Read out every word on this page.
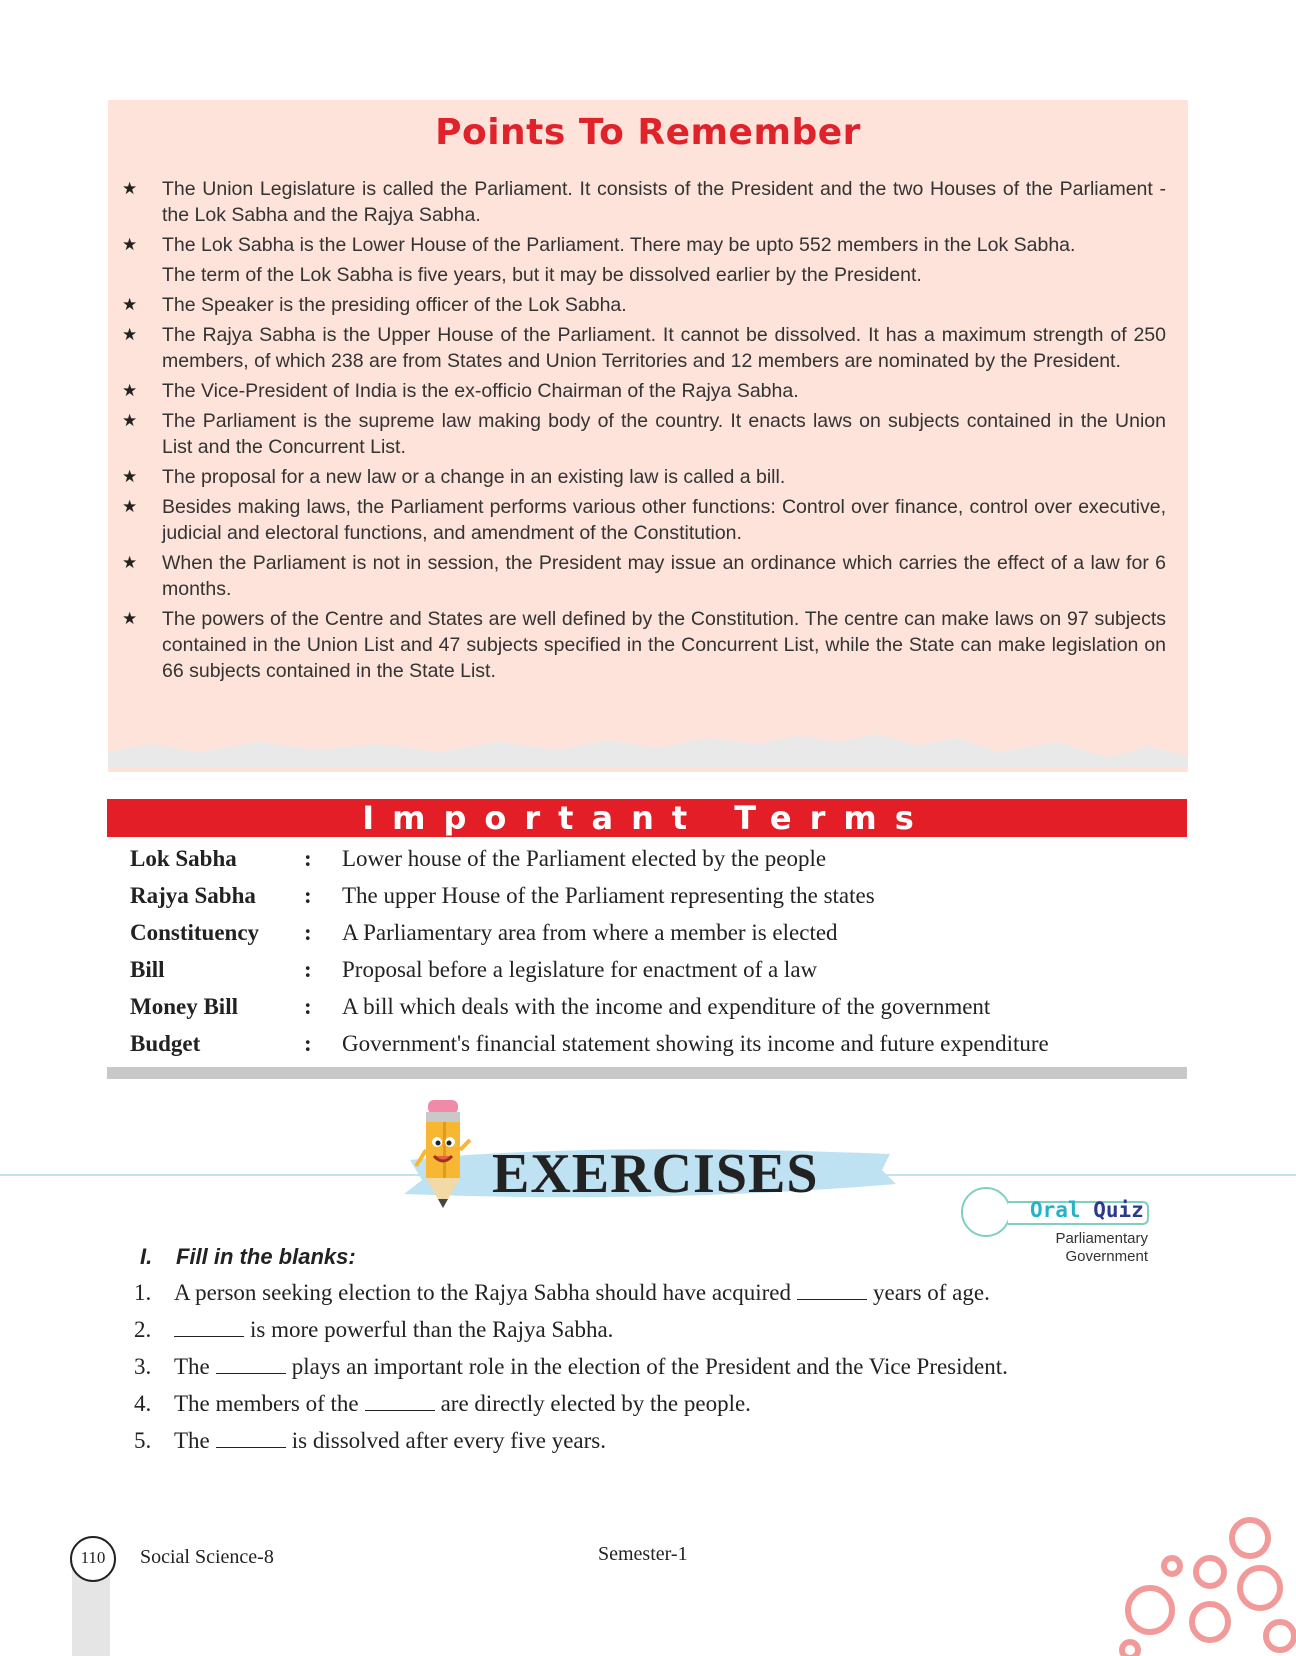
Points To Remember
★ The Union Legislature is called the Parliament. It consists of the President and the two Houses of the Parliament - the Lok Sabha and the Rajya Sabha.
★ The Lok Sabha is the Lower House of the Parliament. There may be upto 552 members in the Lok Sabha.
The term of the Lok Sabha is five years, but it may be dissolved earlier by the President.
★ The Speaker is the presiding officer of the Lok Sabha.
★ The Rajya Sabha is the Upper House of the Parliament. It cannot be dissolved. It has a maximum strength of 250 members, of which 238 are from States and Union Territories and 12 members are nominated by the President.
★ The Vice-President of India is the ex-officio Chairman of the Rajya Sabha.
★ The Parliament is the supreme law making body of the country. It enacts laws on subjects contained in the Union List and the Concurrent List.
★ The proposal for a new law or a change in an existing law is called a bill.
★ Besides making laws, the Parliament performs various other functions: Control over finance, control over executive, judicial and electoral functions, and amendment of the Constitution.
★ When the Parliament is not in session, the President may issue an ordinance which carries the effect of a law for 6 months.
★ The powers of the Centre and States are well defined by the Constitution. The centre can make laws on 97 subjects contained in the Union List and 47 subjects specified in the Concurrent List, while the State can make legislation on 66 subjects contained in the State List.
Important Terms
Lok Sabha	: Lower house of the Parliament elected by the people
Rajya Sabha : The upper House of the Parliament representing the states
Constituency : A Parliamentary area from where a member is elected
Bill	: Proposal before a legislature for enactment of a law
Money Bill	: A bill which deals with the income and expenditure of the government
Budget	: Government's financial statement showing its income and future expenditure
EXERCISES
Oral Quiz
Parliamentary
Government
I. Fill in the blanks:
1. A person seeking election to the Rajya Sabha should have acquired	years of age.
2.	is more powerful than the Rajya Sabha.
3. The	plays an important role in the election of the President and the Vice President.
4. The members of the	are directly elected by the people.
5. The	is dissolved after every five years.
110	Social Science-8	Semester-1
